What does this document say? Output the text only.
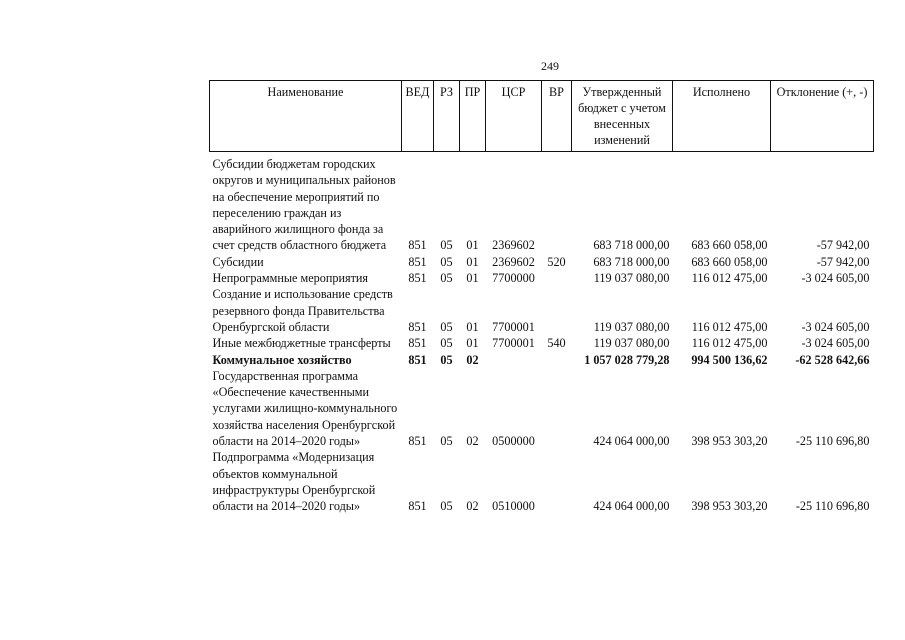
249
Наименование	ВЕД	РЗ	ПР	ЦСР	ВР	Утвержденный бюджет с учетом внесенных изменений	Исполнено	Отклонение (+, -)
Субсидии бюджетам городских округов и муниципальных районов на обеспечение мероприятий по переселению граждан из аварийного жилищного фонда за счет средств областного бюджета	851	05	01	2369602		683 718 000,00	683 660 058,00	-57 942,00
Субсидии	851	05	01	2369602	520	683 718 000,00	683 660 058,00	-57 942,00
Непрограммные мероприятия	851	05	01	7700000		119 037 080,00	116 012 475,00	-3 024 605,00
Создание и использование средств резервного фонда Правительства Оренбургской области	851	05	01	7700001		119 037 080,00	116 012 475,00	-3 024 605,00
Иные межбюджетные трансферты	851	05	01	7700001	540	119 037 080,00	116 012 475,00	-3 024 605,00
Коммунальное хозяйство	851	05	02			1 057 028 779,28	994 500 136,62	-62 528 642,66
Государственная программа «Обеспечение качественными услугами жилищно-коммунального хозяйства населения Оренбургской области на 2014–2020 годы»	851	05	02	0500000		424 064 000,00	398 953 303,20	-25 110 696,80
Подпрограмма «Модернизация объектов коммунальной инфраструктуры Оренбургской области на 2014–2020 годы»	851	05	02	0510000		424 064 000,00	398 953 303,20	-25 110 696,80
